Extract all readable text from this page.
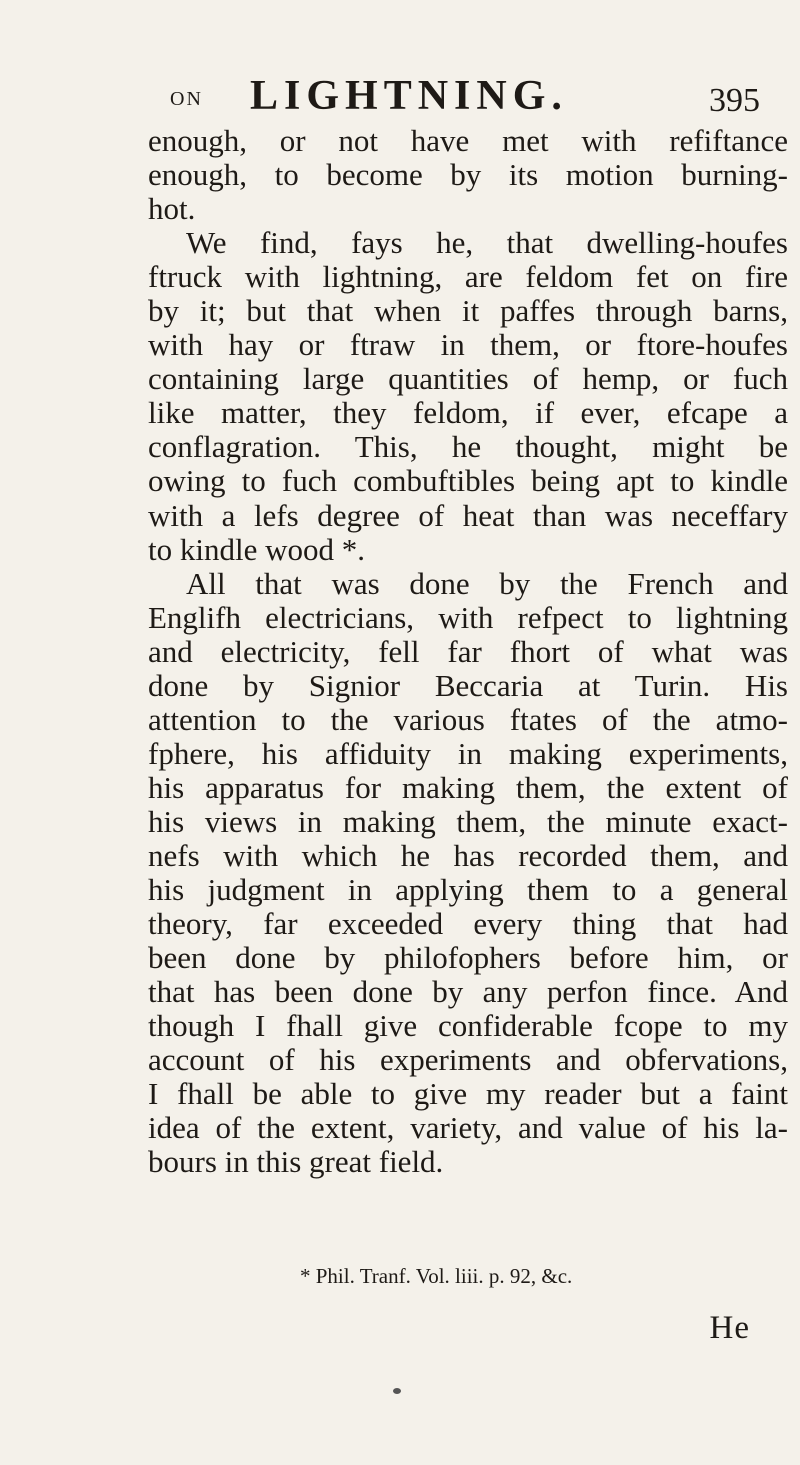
ON LIGHTNING.	395
enough, or not have met with refiftance
enough, to become by its motion burning-
hot.
We find, fays he, that dwelling-houfes
ftruck with lightning, are feldom fet on fire
by it; but that when it paffes through barns,
with hay or ftraw in them, or ftore-houfes
containing large quantities of hemp, or fuch
like matter, they feldom, if ever, efcape a
conflagration. This, he thought, might be
owing to fuch combuftibles being apt to kindle
with a lefs degree of heat than was neceffary
to kindle wood *.
All that was done by the French and
Englifh electricians, with refpect to lightning
and electricity, fell far fhort of what was
done by Signior Beccaria at Turin. His
attention to the various ftates of the atmo-
fphere, his affiduity in making experiments,
his apparatus for making them, the extent of
his views in making them, the minute exact-
nefs with which he has recorded them, and
his judgment in applying them to a general
theory, far exceeded every thing that had
been done by philofophers before him, or
that has been done by any perfon fince. And
though I fhall give confiderable fcope to my
account of his experiments and obfervations,
I fhall be able to give my reader but a faint
idea of the extent, variety, and value of his la-
bours in this great field.
* Phil. Tranf. Vol. liii. p. 92, &c.
He
